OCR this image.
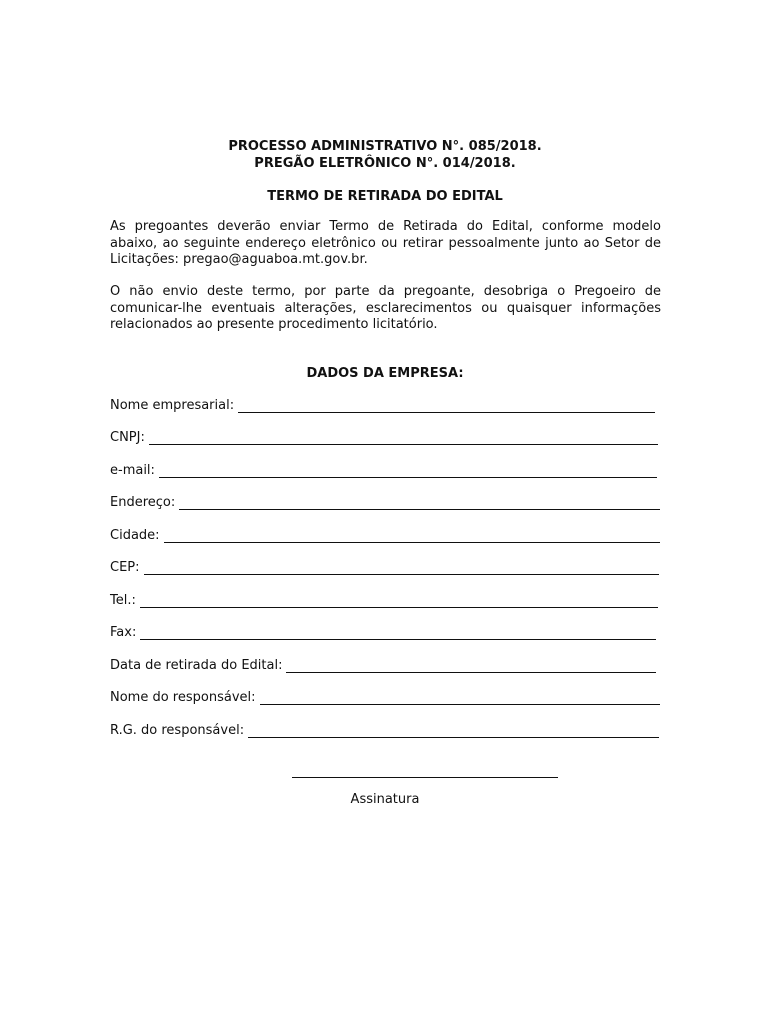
PROCESSO ADMINISTRATIVO N°. 085/2018.
PREGÃO ELETRÔNICO N°. 014/2018.
TERMO DE RETIRADA DO EDITAL
As pregoantes deverão enviar Termo de Retirada do Edital, conforme modelo abaixo, ao seguinte endereço eletrônico ou retirar pessoalmente junto ao Setor de Licitações: pregao@aguaboa.mt.gov.br.
O não envio deste termo, por parte da pregoante, desobriga o Pregoeiro de comunicar-lhe eventuais alterações, esclarecimentos ou quaisquer informações relacionados ao presente procedimento licitatório.
DADOS DA EMPRESA:
Nome empresarial:
CNPJ:
e-mail:
Endereço:
Cidade:
CEP:
Tel.:
Fax:
Data de retirada do Edital:
Nome do responsável:
R.G. do responsável:
Assinatura
